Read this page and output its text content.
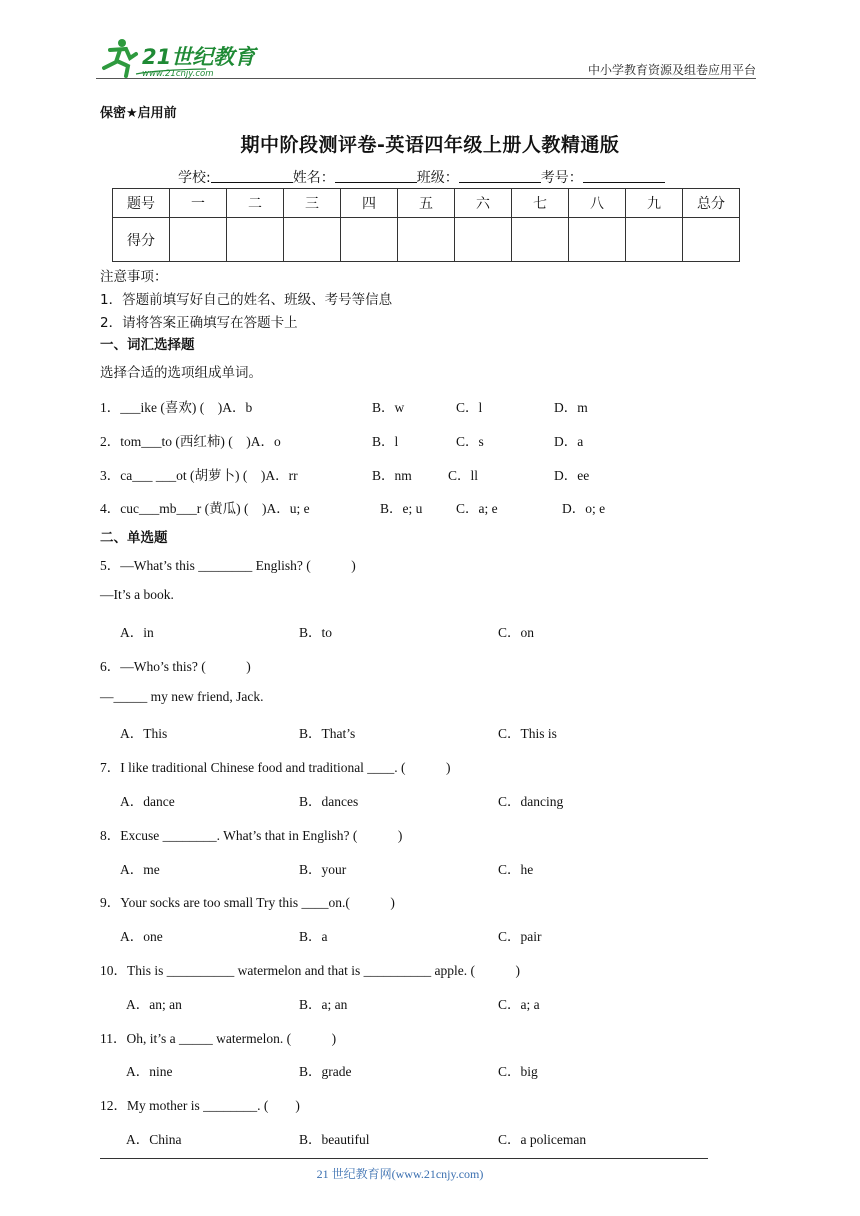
21世纪教育
www.21cnjy.com	中小学教育资源及组卷应用平台
保密★启用前
期中阶段测评卷-英语四年级上册人教精通版
学校:	姓名：	班级：	考号：
题号	一	二	三	四	五	六	七	八	九	总分
得分										
注意事项：
1．答题前填写好自己的姓名、班级、考号等信息
2．请将答案正确填写在答题卡上
一、词汇选择题
选择合适的选项组成单词。
1．___ike (喜欢) (　)A．b	B．w	C．l	D．m
2．tom___to (西红柿) (　)A．o	B．l	C．s	D．a
3．ca___ ___ot (胡萝卜) (　)A．rr	B．nm	C．ll	D．ee
4．cuc___mb___r (黄瓜) (　)A．u; e	B．e; u C．a; e	D．o; e
二、单选题
5．—What’s this ________ English? (　　　)
—It’s a book.
A．in	B．to	C．on
6．—Who’s this? (　　　)
—_____ my new friend, Jack.
A．This	B．That’s	C．This is
7．I like traditional Chinese food and traditional ____. (　　　)
A．dance	B．dances	C．dancing
8．Excuse ________. What’s that in English? (　　　)
A．me	B．your	C．he
9．Your socks are too small Try this ____on.(　　　)
A．one	B．a	C．pair
10．This is __________ watermelon and that is __________ apple. (　　　)
A．an; an	B．a; an	C．a; a
11．Oh, it’s a _____ watermelon. (　　　)
A．nine	B．grade	C．big
12．My mother is ________. (　　)
A．China	B．beautiful	C．a policeman
21 世纪教育网(www.21cnjy.com)
